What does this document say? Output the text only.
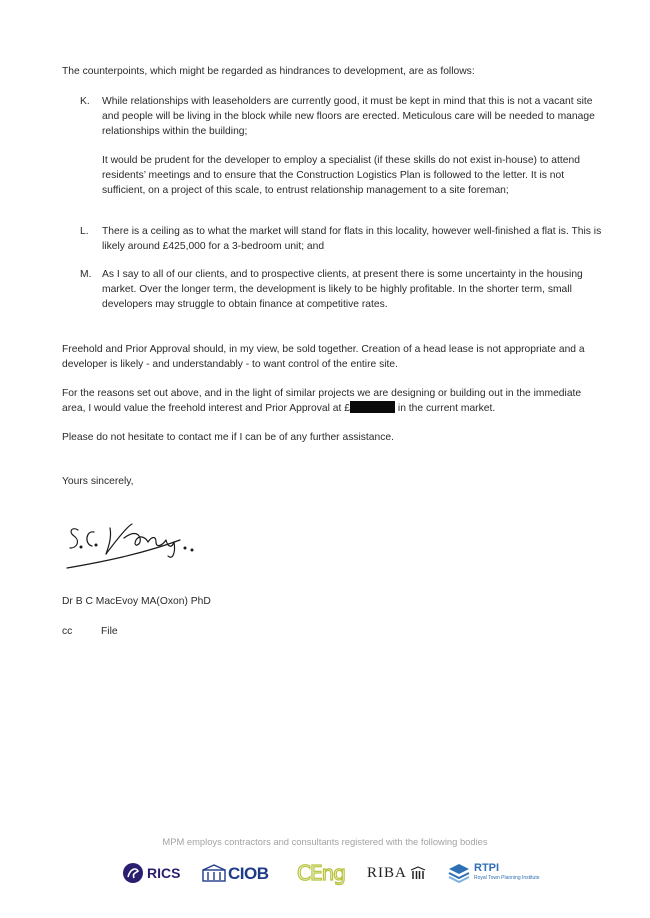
The counterpoints, which might be regarded as hindrances to development, are as follows:

K.	While relationships with leaseholders are currently good, it must be kept in mind that this is not a vacant site and people will be living in the block while new floors are erected. Meticulous care will be needed to manage relationships within the building;

It would be prudent for the developer to employ a specialist (if these skills do not exist in-house) to attend residents’ meetings and to ensure that the Construction Logistics Plan is followed to the letter. It is not sufficient, on a project of this scale, to entrust relationship management to a site foreman;

L.	There is a ceiling as to what the market will stand for flats in this locality, however well-finished a flat is. This is likely around £425,000 for a 3-bedroom unit; and

M.	As I say to all of our clients, and to prospective clients, at present there is some uncertainty in the housing market. Over the longer term, the development is likely to be highly profitable. In the shorter term, small developers may struggle to obtain finance at competitive rates.

Freehold and Prior Approval should, in my view, be sold together. Creation of a head lease is not appropriate and a developer is likely - and understandably - to want control of the entire site.

For the reasons set out above, and in the light of similar projects we are designing or building out in the immediate area, I would value the freehold interest and Prior Approval at £	in the current market.

Please do not hesitate to contact me if I can be of any further assistance.

Yours sincerely,

Dr B C MacEvoy MA(Oxon) PhD

cc	File
MPM employs contractors and consultants registered with the following bodies
RICS	CIOB CEng RIBA	RTPI
Royal Town Planning Institute
